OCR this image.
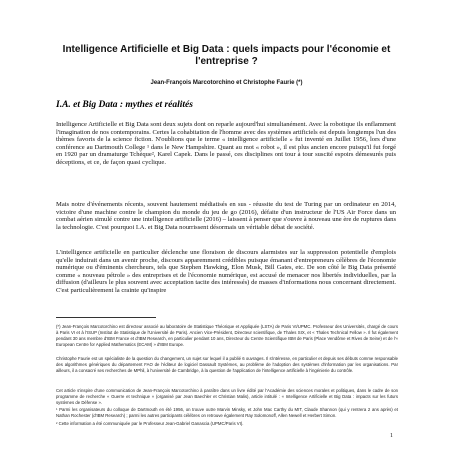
Intelligence Artificielle et Big Data : quels impacts pour l'économie et l'entreprise ?
Jean-François Marcotorchino et Christophe Faurie (*)
I.A. et Big Data : mythes et réalités

Intelligence Artificielle et Big Data sont deux sujets dont on reparle aujourd'hui simultanément. Avec la robotique ils enflamment l'imagination de nos contemporains. Certes la cohabitation de l'homme avec des systèmes artificiels est depuis longtemps l'un des thèmes favoris de la science fiction. N'oublions que le terme « intelligence artificielle » fut inventé en Juillet 1956, lors d'une conférence au Dartmouth College ¹ dans le New Hampshire. Quant au mot « robot », il est plus ancien encore puisqu'il fut forgé en 1920 par un dramaturge Tchèque², Karel Capek. Dans le passé, ces disciplines ont tour à tour suscité espoirs démesurés puis déceptions, et ce, de façon quasi cyclique.

Mais notre d'événements récents, souvent hautement médiatisés en sus - réussite du test de Turing par un ordinateur en 2014, victoire d'une machine contre le champion du monde du jeu de go (2016), défaite d'un instructeur de l'US Air Force dans un combat aérien simulé contre une intelligence artificielle (2016) – laissent à penser que s'ouvre à nouveau une ère de ruptures dans la technologie. C'est pourquoi I.A. et Big Data nourrissent désormais un véritable débat de société.

L'intelligence artificielle en particulier déclenche une floraison de discours alarmistes sur la suppression potentielle d'emplois qu'elle induirait dans un avenir proche, discours apparemment crédibles puisque émanant d'entrepreneurs célèbres de l'économie numérique ou d'éminents chercheurs, tels que Stephen Hawking, Elon Musk, Bill Gates, etc. De son côté le Big Data présenté comme « nouveau pétrole » des entreprises et de l'économie numérique, est accusé de menacer nos libertés individuelles, par la diffusion (d'ailleurs le plus souvent avec acceptation tacite des intéressés) de masses d'informations nous concernant directement. C'est particulièrement la crainte qu'inspire

(*) Jean-François Marcotorchino est directeur associé au laboratoire de Statistique Théorique et Appliquée (LSTA) de Paris VI/UPMC. Professeur des Universités, chargé de cours à Paris VI et à l'ISUP (Institut de Statistique de l'Université de Paris). Ancien Vice-Président, Directeur scientifique, de Thales SIX, et « Thales Technical Fellow ». Il fut également pendant 30 ans membre d'IBM France et d'IBM Research, en particulier pendant 10 ans, Directeur du Centre Scientifique IBM de Paris (Place Vendôme et Rives de Seine) et de l'« European Centre for Applied Mathematics (ECAM) » d'IBM Europe.
Christophe Faurie est un spécialiste de la question du changement, un sujet sur lequel il a publié 6 ouvrages. Il s'intéresse, en particulier et depuis ses débuts comme responsable des algorithmes génériques du département FAO de l'éditeur de logiciel Dassault Systèmes, au problème de l'adoption des systèmes d'information par les organisations. Par ailleurs, il a consacré ses recherches de MPhil, à l'université de Cambridge, à la question de l'application de l'intelligence artificielle à l'ingénierie du contrôle.
Cet article s'inspire d'une communication de Jean-François Marcotorchino à paraître dans un livre édité par l'Académie des sciences morales et politiques, dans le cadre de son programme de recherche « Guerre et technique » (organisé par Jean Baechler et Christian Malis), article intitulé : « Intelligence Artificielle et Big Data : impacts sur les futurs systèmes de Défense ».
¹ Parmi les organisateurs du colloque de Dartmouth en été 1956, on trouve outre Marvin Minsky, et John Mac Carthy du MIT, Claude Shannon (qui y rentrera 2 ans après) et Nathan Rochester (d'IBM Research) ; parmi les autres participants célèbres on retrouve également Ray Solomonoff, Allen Newell et Herbert Simon.
² Cette information a été communiquée par le Professeur Jean-Gabriel Ganascia (UPMC/Paris VI).
1
